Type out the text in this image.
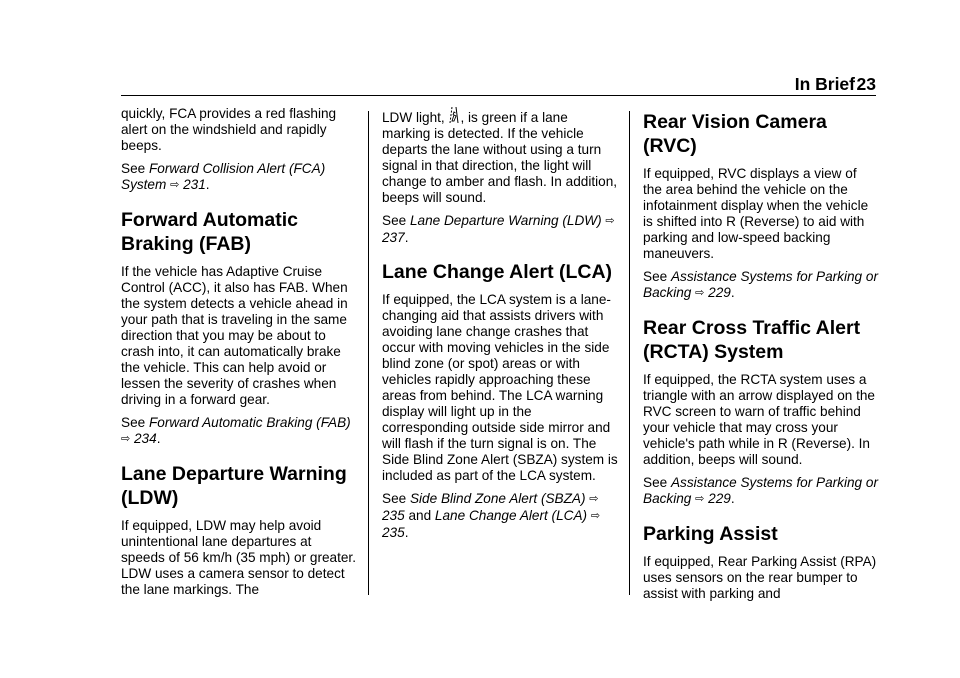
In Brief 23

quickly, FCA provides a red flashing alert on the windshield and rapidly beeps.

See Forward Collision Alert (FCA) System ⇨ 231.

Forward Automatic Braking (FAB)

If the vehicle has Adaptive Cruise Control (ACC), it also has FAB. When the system detects a vehicle ahead in your path that is traveling in the same direction that you may be about to crash into, it can automatically brake the vehicle. This can help avoid or lessen the severity of crashes when driving in a forward gear.

See Forward Automatic Braking (FAB) ⇨ 234.

Lane Departure Warning (LDW)

If equipped, LDW may help avoid unintentional lane departures at speeds of 56 km/h (35 mph) or greater. LDW uses a camera sensor to detect the lane markings. The

LDW light, , is green if a lane marking is detected. If the vehicle departs the lane without using a turn signal in that direction, the light will change to amber and flash. In addition, beeps will sound.

See Lane Departure Warning (LDW) ⇨ 237.

Lane Change Alert (LCA)

If equipped, the LCA system is a lane-changing aid that assists drivers with avoiding lane change crashes that occur with moving vehicles in the side blind zone (or spot) areas or with vehicles rapidly approaching these areas from behind. The LCA warning display will light up in the corresponding outside side mirror and will flash if the turn signal is on. The Side Blind Zone Alert (SBZA) system is included as part of the LCA system.

See Side Blind Zone Alert (SBZA) ⇨ 235 and Lane Change Alert (LCA) ⇨ 235.

Rear Vision Camera (RVC)

If equipped, RVC displays a view of the area behind the vehicle on the infotainment display when the vehicle is shifted into R (Reverse) to aid with parking and low-speed backing maneuvers.

See Assistance Systems for Parking or Backing ⇨ 229.

Rear Cross Traffic Alert (RCTA) System

If equipped, the RCTA system uses a triangle with an arrow displayed on the RVC screen to warn of traffic behind your vehicle that may cross your vehicle's path while in R (Reverse). In addition, beeps will sound.

See Assistance Systems for Parking or Backing ⇨ 229.

Parking Assist

If equipped, Rear Parking Assist (RPA) uses sensors on the rear bumper to assist with parking and
